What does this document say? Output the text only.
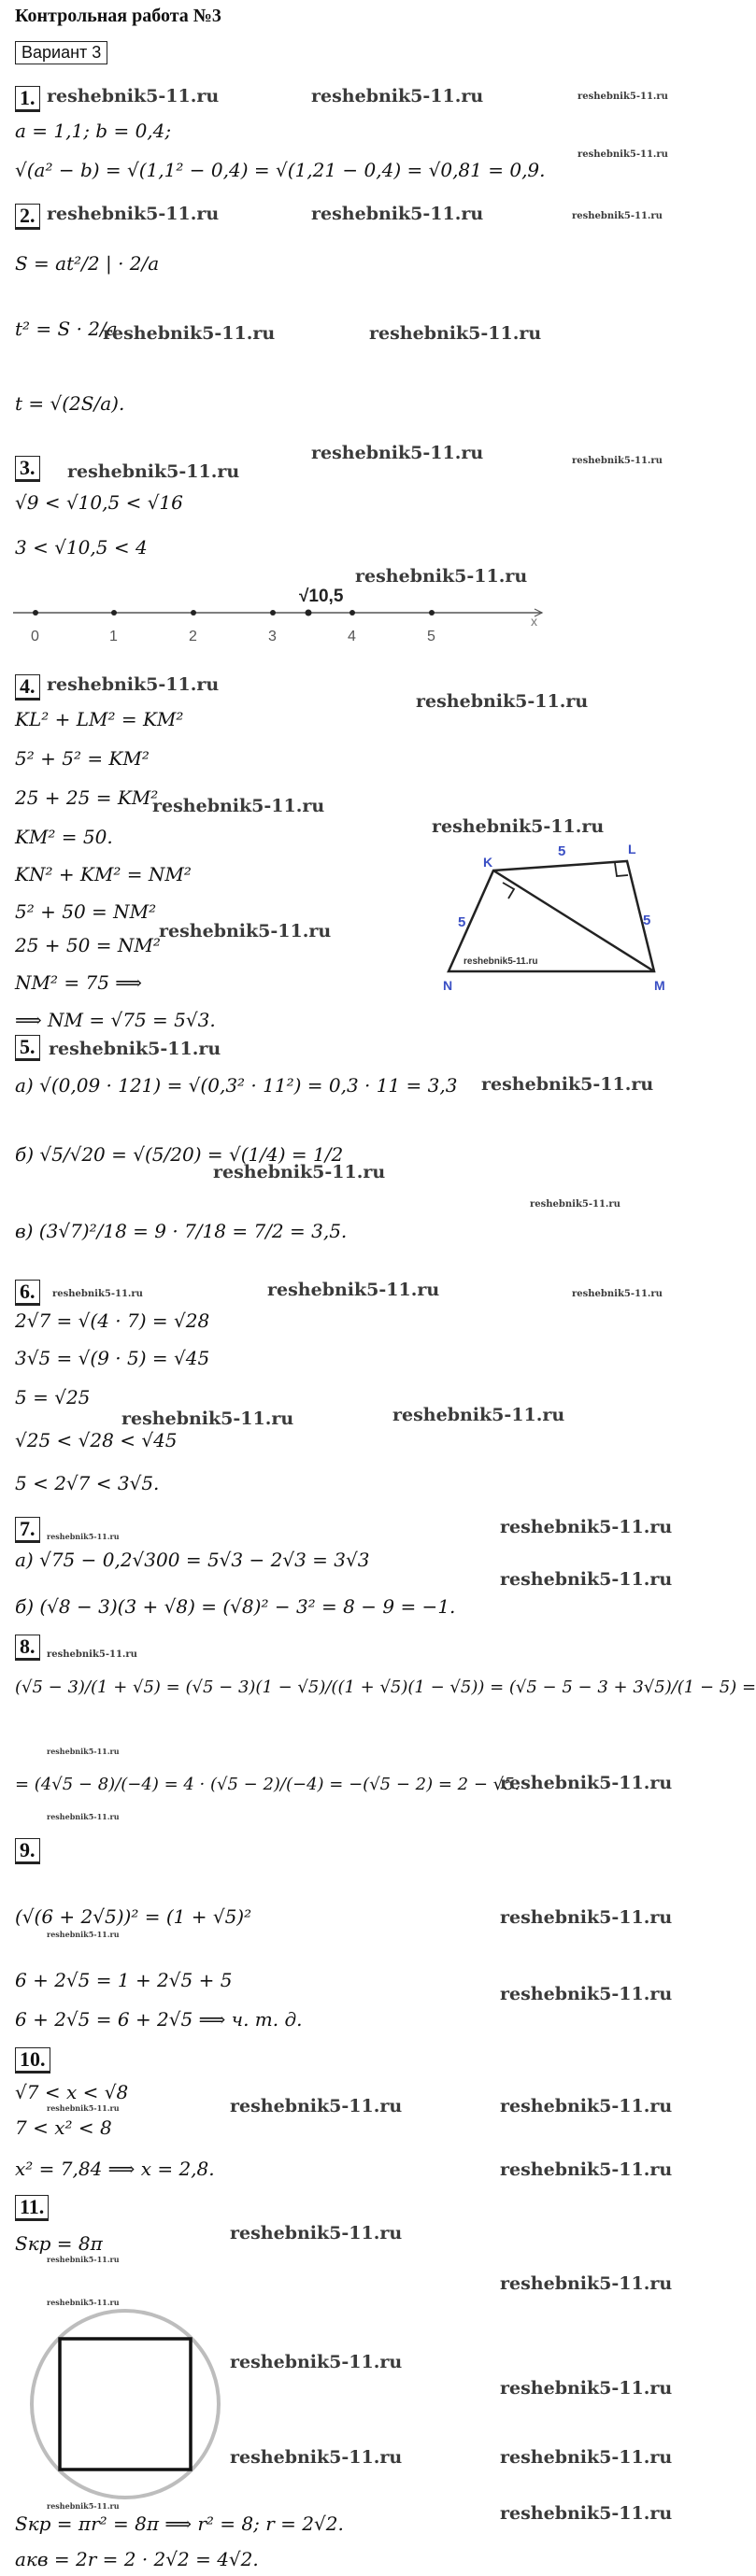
Контрольная работа №3
Вариант 3
1. reshebnik5-11.ru	reshebnik5-11.ru	reshebnik5-11.ru
a = 1,1; b = 0,4;
reshebnik5-11.ru
√(a² − b) = √(1,1² − 0,4) = √(1,21 − 0,4) = √0,81 = 0,9.
2. reshebnik5-11.ru	reshebnik5-11.ru	reshebnik5-11.ru
S = at²/2 | · 2/a
t² = S · 2/a
reshebnik5-11.ru	reshebnik5-11.ru
t = √(2S/a).
3. reshebnik5-11.ru
reshebnik5-11.ru	reshebnik5-11.ru
√9 < √10,5 < √16
3 < √10,5 < 4
reshebnik5-11.ru
0	1	2	3	4	5
x
√10,5
4. reshebnik5-11.ru
reshebnik5-11.ru
KL² + LM² = KM²
5² + 5² = KM²
25 + 25 = KM²
reshebnik5-11.ru
KM² = 50.	reshebnik5-11.ru
KN² + KM² = NM²
5² + 50 = NM²
25 + 50 = NM²
reshebnik5-11.ru
NM² = 75 ⟹
⟹ NM = √75 = 5√3.
K
L
M
N
5
5
5
reshebnik5-11.ru
5. reshebnik5-11.ru
а) √(0,09 · 121) = √(0,3² · 11²) = 0,3 · 11 = 3,3 reshebnik5-11.ru
б) √5/√20 = √(5/20) = √(1/4) = 1/2
reshebnik5-11.ru
reshebnik5-11.ru
в) (3√7)²/18 = 9 · 7/18 = 7/2 = 3,5.
6.	reshebnik5-11.ru	reshebnik5-11.ru	reshebnik5-11.ru
2√7 = √(4 · 7) = √28
3√5 = √(9 · 5) = √45
5 = √25
reshebnik5-11.ru	reshebnik5-11.ru
√25 < √28 < √45
5 < 2√7 < 3√5.
7.	reshebnik5-11.ru	reshebnik5-11.ru
а) √75 − 0,2√300 = 5√3 − 2√3 = 3√3
reshebnik5-11.ru
б) (√8 − 3)(3 + √8) = (√8)² − 3² = 8 − 9 = −1.
8.	reshebnik5-11.ru
(√5 − 3)/(1 + √5) = (√5 − 3)(1 − √5)/((1 + √5)(1 − √5)) = (√5 − 5 − 3 + 3√5)/(1 − 5) =
reshebnik5-11.ru
= (4√5 − 8)/(−4) = 4 · (√5 − 2)/(−4) = −(√5 − 2) = 2 − √5.
reshebnik5-11.ru
reshebnik5-11.ru
9.
(√(6 + 2√5))² = (1 + √5)²
reshebnik5-11.ru
reshebnik5-11.ru
6 + 2√5 = 1 + 2√5 + 5
reshebnik5-11.ru
6 + 2√5 = 6 + 2√5 ⟹ ч. т. д.
10.
√7 < x < √8
reshebnik5-11.ru
7 < x² < 8
reshebnik5-11.ru	reshebnik5-11.ru
x² = 7,84 ⟹ x = 2,8.	reshebnik5-11.ru
11.
Sкр = 8π
reshebnik5-11.ru
reshebnik5-11.ru
reshebnik5-11.ru
reshebnik5-11.ru
reshebnik5-11.ru
reshebnik5-11.ru
reshebnik5-11.ru	reshebnik5-11.ru
reshebnik5-11.ru
Sкр = πr² = 8π ⟹ r² = 8; r = 2√2.	reshebnik5-11.ru
aкв = 2r = 2 · 2√2 = 4√2.
